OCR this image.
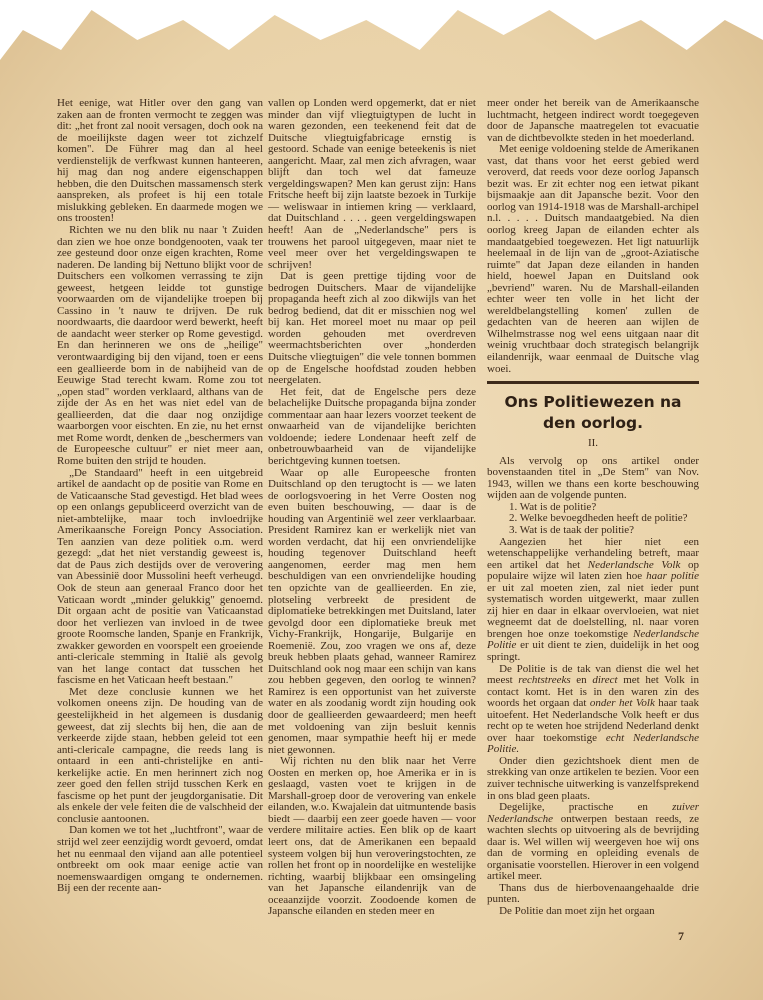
Het eenige, wat Hitler over den gang van zaken aan de fronten vermocht te zeggen was dit: „het front zal nooit versagen, doch ook na de moeilijkste dagen weer tot zichzelf komen". De Führer mag dan al heel verdienstelijk de verfkwast kunnen hanteeren, hij mag dan nog andere eigenschappen hebben, die den Duitschen massamensch sterk aanspreken, als profeet is hij een totale mislukking gebleken. En daarmede mogen we ons troosten!

Richten we nu den blik nu naar 't Zuiden dan zien we hoe onze bondgenooten, vaak ter zee gesteund door onze eigen krachten, Rome naderen. De landing bij Nettuno blijkt voor de Duitschers een volkomen verrassing te zijn geweest, hetgeen leidde tot gunstige voorwaarden om de vijandelijke troepen bij Cassino in 't nauw te drijven. De ruk noordwaarts, die daardoor werd bewerkt, heeft de aandacht weer sterker op Rome gevestigd. En dan herinneren we ons de „heilige" verontwaardiging bij den vijand, toen er eens een geallieerde bom in de nabijheid van de Eeuwige Stad terecht kwam. Rome zou tot „open stad" worden verklaard, althans van de zijde der As en het was niet edel van de geallieerden, dat die daar nog onzijdige waarborgen voor eischten. En zie, nu het ernst met Rome wordt, denken de „beschermers van de Europeesche cultuur" er niet meer aan, Rome buiten den strijd te houden.

„De Standaard" heeft in een uitgebreid artikel de aandacht op de positie van Rome en de Vaticaansche Stad gevestigd. Het blad wees op een onlangs gepubliceerd overzicht van de niet-ambtelijke, maar toch invloedrijke Amerikaansche Foreign Poncy Association. Ten aanzien van deze politiek o.m. werd gezegd: „dat het niet verstandig geweest is, dat de Paus zich destijds over de verovering van Abessinië door Mussolini heeft verheugd. Ook de steun aan generaal Franco door het Vaticaan wordt „minder gelukkig" genoemd. Dit orgaan acht de positie van Vaticaanstad door het verliezen van invloed in de twee groote Roomsche landen, Spanje en Frankrijk, zwakker geworden en voorspelt een groeiende anti-clericale stemming in Italië als gevolg van het lange contact dat tusschen het fascisme en het Vaticaan heeft bestaan."

Met deze conclusie kunnen we het volkomen oneens zijn. De houding van de geestelijkheid in het algemeen is dusdanig geweest, dat zij slechts bij hen, die aan de verkeerde zijde staan, hebben geleid tot een anti-clericale campagne, die reeds lang is ontaard in een anti-christelijke en anti-kerkelijke actie. En men herinnert zich nog zeer goed den fellen strijd tusschen Kerk en fascisme op het punt der jeugdorganisatie. Dit als enkele der vele feiten die de valschheid der conclusie aantoonen.

Dan komen we tot het „luchtfront", waar de strijd wel zeer eenzijdig wordt gevoerd, omdat het nu eenmaal den vijand aan alle potentieel ontbreekt om ook maar eenige actie van noemenswaardigen omgang te ondernemen. Bij een der recente aan-

vallen op Londen werd opgemerkt, dat er niet minder dan vijf vliegtuigtypen de lucht in waren gezonden, een teekenend feit dat de Duitsche vliegtuigfabricage ernstig is gestoord. Schade van eenige beteekenis is niet aangericht. Maar, zal men zich afvragen, waar blijft dan toch wel dat fameuze vergeldingswapen? Men kan gerust zijn: Hans Fritsche heeft bij zijn laatste bezoek in Turkije — weliswaar in intiemen kring — verklaard, dat Duitschland . . . . geen vergeldingswapen heeft! Aan de „Nederlandsche" pers is trouwens het parool uitgegeven, maar niet te veel meer over het vergeldingswapen te schrijven!

Dat is geen prettige tijding voor de bedrogen Duitschers. Maar de vijandelijke propaganda heeft zich al zoo dikwijls van het bedrog bediend, dat dit er misschien nog wel bij kan. Het moreel moet nu maar op peil worden gehouden met overdreven weermachtsberichten over „honderden Duitsche vliegtuigen" die vele tonnen bommen op de Engelsche hoofdstad zouden hebben neergelaten.

Het feit, dat de Engelsche pers deze belachelijke Duitsche propaganda bijna zonder commentaar aan haar lezers voorzet teekent de onwaarheid van de vijandelijke berichten voldoende; iedere Londenaar heeft zelf de onbetrouwbaarheid van de vijandelijke berichtgeving kunnen toetsen.

Waar op alle Europeesche fronten Duitschland op den terugtocht is — we laten de oorlogsvoering in het Verre Oosten nog even buiten beschouwing, — daar is de houding van Argentinië wel zeer verklaarbaar. President Ramirez kan er werkelijk niet van worden verdacht, dat hij een onvriendelijke houding tegenover Duitschland heeft aangenomen, eerder mag men hem beschuldigen van een onvriendelijke houding ten opzichte van de geallieerden. En zie, plotseling verbreekt de president de diplomatieke betrekkingen met Duitsland, later gevolgd door een diplomatieke breuk met Vichy-Frankrijk, Hongarije, Bulgarije en Roemenië. Zou, zoo vragen we ons af, deze breuk hebben plaats gehad, wanneer Ramirez Duitschland ook nog maar een schijn van kans zou hebben gegeven, den oorlog te winnen? Ramirez is een opportunist van het zuiverste water en als zoodanig wordt zijn houding ook door de geallieerden gewaardeerd; men heeft met voldoening van zijn besluit kennis genomen, maar sympathie heeft hij er mede niet gewonnen.

Wij richten nu den blik naar het Verre Oosten en merken op, hoe Amerika er in is geslaagd, vasten voet te krijgen in de Marshall-groep door de verovering van enkele eilanden, w.o. Kwajalein dat uitmuntende basis biedt — daarbij een zeer goede haven — voor verdere militaire acties. Een blik op de kaart leert ons, dat de Amerikanen een bepaald systeem volgen bij hun veroveringstochten, ze rollen het front op in noordelijke en westelijke richting, waarbij blijkbaar een omsingeling van het Japansche eilandenrijk van de oceaanzijde voorzit. Zoodoende komen de Japansche eilanden en steden meer en

meer onder het bereik van de Amerikaansche luchtmacht, hetgeen indirect wordt toegegeven door de Japansche maatregelen tot evacuatie van de dichtbevolkte steden in het moederland.

Met eenige voldoening stelde de Amerikanen vast, dat thans voor het eerst gebied werd veroverd, dat reeds voor deze oorlog Japansch bezit was. Er zit echter nog een ietwat pikant bijsmaakje aan dit Japansche bezit. Voor den oorlog van 1914-1918 was de Marshall-archipel n.l. . . . . Duitsch mandaatgebied. Na dien oorlog kreeg Japan de eilanden echter als mandaatgebied toegewezen. Het ligt natuurlijk heelemaal in de lijn van de „groot-Aziatische ruimte" dat Japan deze eilanden in handen hield, hoewel Japan en Duitsland ook „bevriend" waren. Nu de Marshall-eilanden echter weer ten volle in het licht der wereldbelangstelling komen' zullen de gedachten van de heeren aan wijlen de Wilhelmstrasse nog wel eens uitgaan naar dit weinig vruchtbaar doch strategisch belangrijk eilandenrijk, waar eenmaal de Duitsche vlag woei.

Ons Politiewezen na den oorlog.
II.

Als vervolg op ons artikel onder bovenstaanden titel in „De Stem" van Nov. 1943, willen we thans een korte beschouwing wijden aan de volgende punten.

1. Wat is de politie?

2. Welke bevoegdheden heeft de politie?

3. Wat is de taak der politie?

Aangezien het hier niet een wetenschappelijke verhandeling betreft, maar een artikel dat het Nederlandsche Volk op populaire wijze wil laten zien hoe haar politie er uit zal moeten zien, zal niet ieder punt systematisch worden uitgewerkt, maar zullen zij hier en daar in elkaar overvloeien, wat niet wegneemt dat de doelstelling, nl. naar voren brengen hoe onze toekomstige Nederlandsche Politie er uit dient te zien, duidelijk in het oog springt.

De Politie is de tak van dienst die wel het meest rechtstreeks en direct met het Volk in contact komt. Het is in den waren zin des woords het orgaan dat onder het Volk haar taak uitoefent. Het Nederlandsche Volk heeft er dus recht op te weten hoe strijdend Nederland denkt over haar toekomstige echt Nederlandsche Politie.

Onder dien gezichtshoek dient men de strekking van onze artikelen te bezien. Voor een zuiver technische uitwerking is vanzelfsprekend in ons blad geen plaats.

Degelijke, practische en zuiver Nederlandsche ontwerpen bestaan reeds, ze wachten slechts op uitvoering als de bevrijding daar is. Wel willen wij weergeven hoe wij ons dan de vorming en opleiding evenals de organisatie voorstellen. Hierover in een volgend artikel meer.

Thans dus de hierbovenaangehaalde drie punten.

De Politie dan moet zijn het orgaan

7
